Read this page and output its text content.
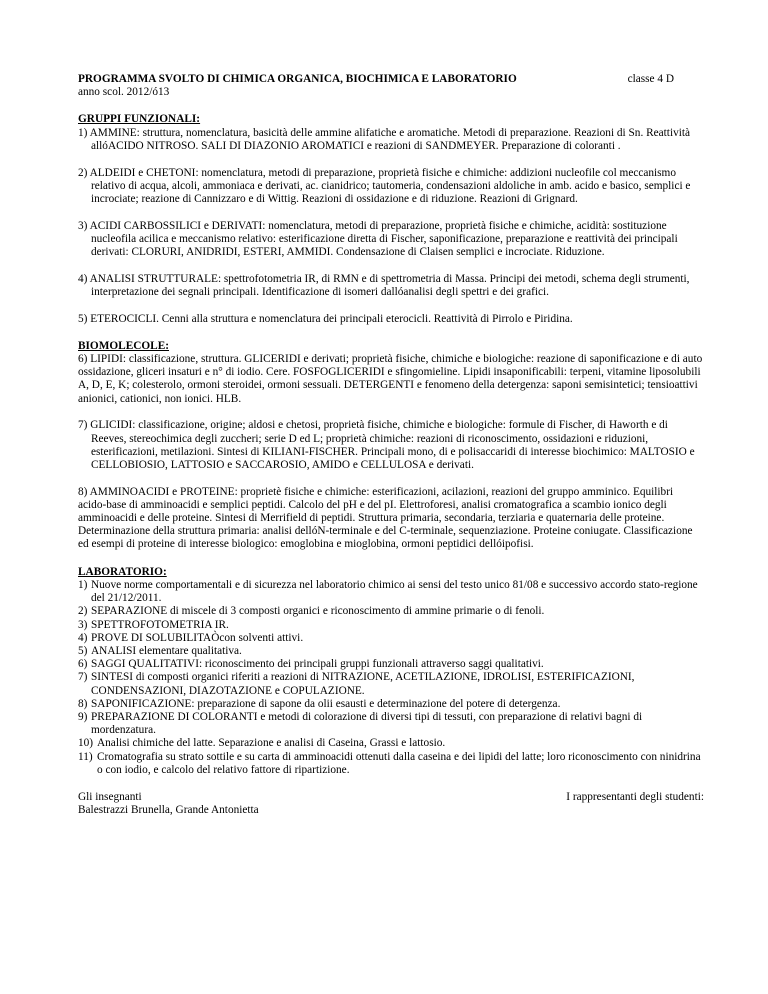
PROGRAMMA SVOLTO DI CHIMICA ORGANICA, BIOCHIMICA E LABORATORIO	classe 4 D
anno scol. 2012/ó13
GRUPPI FUNZIONALI:
1) AMMINE: struttura, nomenclatura, basicità delle ammine alifatiche e aromatiche. Metodi di preparazione. Reazioni di Sn. Reattività allóACIDO NITROSO. SALI DI DIAZONIO AROMATICI e reazioni di SANDMEYER. Preparazione di coloranti .
2) ALDEIDI e CHETONI: nomenclatura, metodi di preparazione, proprietà fisiche e chimiche: addizioni nucleofile col meccanismo relativo di acqua, alcoli, ammoniaca e derivati, ac. cianidrico; tautomeria, condensazioni aldoliche in amb. acido e basico, semplici e incrociate; reazione di Cannizzaro e di Wittig. Reazioni di ossidazione e di riduzione. Reazioni di Grignard.
3) ACIDI CARBOSSILICI e DERIVATI: nomenclatura, metodi di preparazione, proprietà fisiche e chimiche, acidità: sostituzione nucleofila acilica e meccanismo relativo: esterificazione diretta di Fischer, saponificazione, preparazione e reattività dei principali derivati: CLORURI, ANIDRIDI, ESTERI, AMMIDI. Condensazione di Claisen semplici e incrociate. Riduzione.
4) ANALISI STRUTTURALE: spettrofotometria IR, di RMN e di spettrometria di Massa. Principi dei metodi, schema degli strumenti, interpretazione dei segnali principali. Identificazione di isomeri dallóanalisi degli spettri e dei grafici.
5) ETEROCICLI. Cenni alla struttura e nomenclatura dei principali eterocicli. Reattività di Pirrolo e Piridina.
BIOMOLECOLE:
6) LIPIDI: classificazione, struttura. GLICERIDI e derivati; proprietà fisiche, chimiche e biologiche: reazione di saponificazione e di auto ossidazione, gliceri insaturi e n° di iodio. Cere. FOSFOGLICERIDI e sfingomieline. Lipidi insaponificabili: terpeni, vitamine liposolubili A, D, E, K; colesterolo, ormoni steroidei, ormoni sessuali. DETERGENTI e fenomeno della detergenza: saponi semisintetici; tensioattivi anionici, cationici, non ionici. HLB.
7) GLICIDI: classificazione, origine; aldosi e chetosi, proprietà fisiche, chimiche e biologiche: formule di Fischer, di Haworth e di Reeves, stereochimica degli zuccheri; serie D ed L; proprietà chimiche: reazioni di riconoscimento, ossidazioni e riduzioni, esterificazioni, metilazioni. Sintesi di KILIANI-FISCHER. Principali mono, di e polisaccaridi di interesse biochimico: MALTOSIO e CELLOBIOSIO, LATTOSIO e SACCAROSIO, AMIDO e CELLULOSA e derivati.
8) AMMINOACIDI e PROTEINE: proprietè fisiche e chimiche: esterificazioni, acilazioni, reazioni del gruppo amminico. Equilibri acido-base di amminoacidi e semplici peptidi. Calcolo del pH e del pI. Elettroforesi, analisi cromatografica a scambio ionico degli amminoacidi e delle proteine. Sintesi di Merrifield di peptidi. Struttura primaria, secondaria, terziaria e quaternaria delle proteine. Determinazione della struttura primaria: analisi dellóN-terminale e del C-terminale, sequenziazione. Proteine coniugate. Classificazione ed esempi di proteine di interesse biologico: emoglobina e mioglobina, ormoni peptidici dellóipofisi.
LABORATORIO:
1) Nuove norme comportamentali e di sicurezza nel laboratorio chimico ai sensi del testo unico 81/08 e successivo accordo stato-regione del 21/12/2011.
2) SEPARAZIONE di miscele di 3 composti organici e riconoscimento di ammine primarie o di fenoli.
3) SPETTROFOTOMETRIA IR.
4) PROVE DI SOLUBILITAÒcon solventi attivi.
5) ANALISI elementare qualitativa.
6) SAGGI QUALITATIVI: riconoscimento dei principali gruppi funzionali attraverso saggi qualitativi.
7) SINTESI di composti organici riferiti a reazioni di NITRAZIONE, ACETILAZIONE, IDROLISI, ESTERIFICAZIONI, CONDENSAZIONI, DIAZOTAZIONE e COPULAZIONE.
8) SAPONIFICAZIONE: preparazione di sapone da olii esausti e determinazione del potere di detergenza.
9) PREPARAZIONE DI COLORANTI e metodi di colorazione di diversi tipi di tessuti, con preparazione di relativi bagni di mordenzatura.
10) Analisi chimiche del latte. Separazione e analisi di Caseina, Grassi e lattosio.
11) Cromatografia su strato sottile e su carta di amminoacidi ottenuti dalla caseina e dei lipidi del latte; loro riconoscimento con ninidrina o con iodio, e calcolo del relativo fattore di ripartizione.
Gli insegnanti
Balestrazzi Brunella, Grande Antonietta
I rappresentanti degli studenti:
